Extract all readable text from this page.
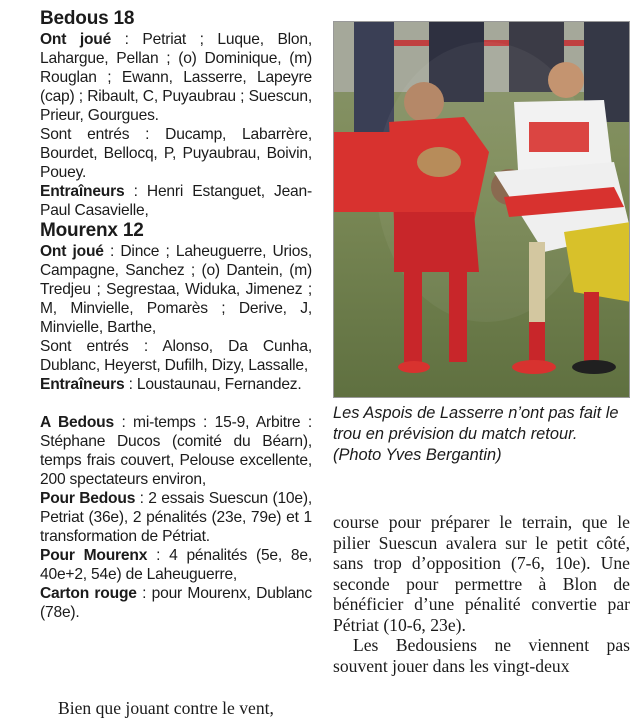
Bedous 18

Ont joué : Petriat ; Luque, Blon, Lahargue, Pellan ; (o) Dominique, (m) Rouglan ; Ewann, Lasserre, Lapeyre (cap) ; Ribault, C, Puyaubrau ; Suescun, Prieur, Gourgues.

Sont entrés : Ducamp, Labarrère, Bourdet, Bellocq, P, Puyaubrau, Boivin, Pouey.

Entraîneurs : Henri Estanguet, Jean-Paul Casavielle,

Mourenx 12

Ont joué : Dince ; Laheuguerre, Urios, Campagne, Sanchez ; (o) Dantein, (m) Tredjeu ; Segrestaa, Widuka, Jimenez ; M, Minvielle, Pomarès ; Derive, J, Minvielle, Barthe,

Sont entrés : Alonso, Da Cunha, Dublanc, Heyerst, Dufilh, Dizy, Lassalle,

Entraîneurs : Loustaunau, Fernandez.

A Bedous : mi-temps : 15-9, Arbitre : Stéphane Ducos (comité du Béarn), temps frais couvert, Pelouse excellente, 200 spectateurs environ,

Pour Bedous : 2 essais Suescun (10e), Petriat (36e), 2 pénalités (23e, 79e) et 1 transformation de Pétriat.

Pour Mourenx : 4 pénalités (5e, 8e, 40e+2, 54e) de Laheuguerre,

Carton rouge : pour Mourenx, Dublanc (78e).

Bien que jouant contre le vent,
Les Aspois de Lasserre n’ont pas fait le trou en prévision du match retour. (Photo Yves Bergantin)

course pour préparer le terrain, que le pilier Suescun avalera sur le petit côté, sans trop d’opposition (7-6, 10e). Une seconde pour permettre à Blon de bénéficier d’une pénalité convertie par Pétriat (10-6, 23e).

Les Bedousiens ne viennent pas souvent jouer dans les vingt-deux
